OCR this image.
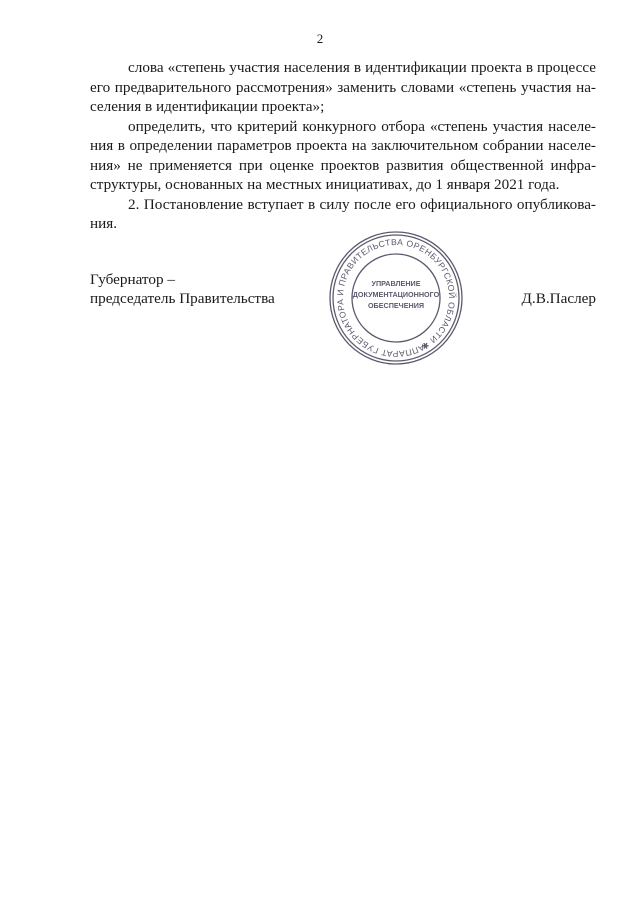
2
слова «степень участия населения в идентификации проекта в процессе
его предварительного рассмотрения» заменить словами «степень участия на-
селения в идентификации проекта»;
определить, что критерий конкурного отбора «степень участия населе-
ния в определении параметров проекта на заключительном собрании населе-
ния» не применяется при оценке проектов развития общественной инфра-
структуры, основанных на местных инициативах, до 1 января 2021 года.
2. Постановление вступает в силу после его официального опубликова-
ния.
Губернатор –
председатель Правительства	Д.В.Паслер
АППАРАТ ГУБЕРНАТОРА И ПРАВИТЕЛЬСТВА ОРЕНБУРГСКОЙ ОБЛАСТИ ✱
УПРАВЛЕНИЕ
ДОКУМЕНТАЦИОННОГО
ОБЕСПЕЧЕНИЯ
